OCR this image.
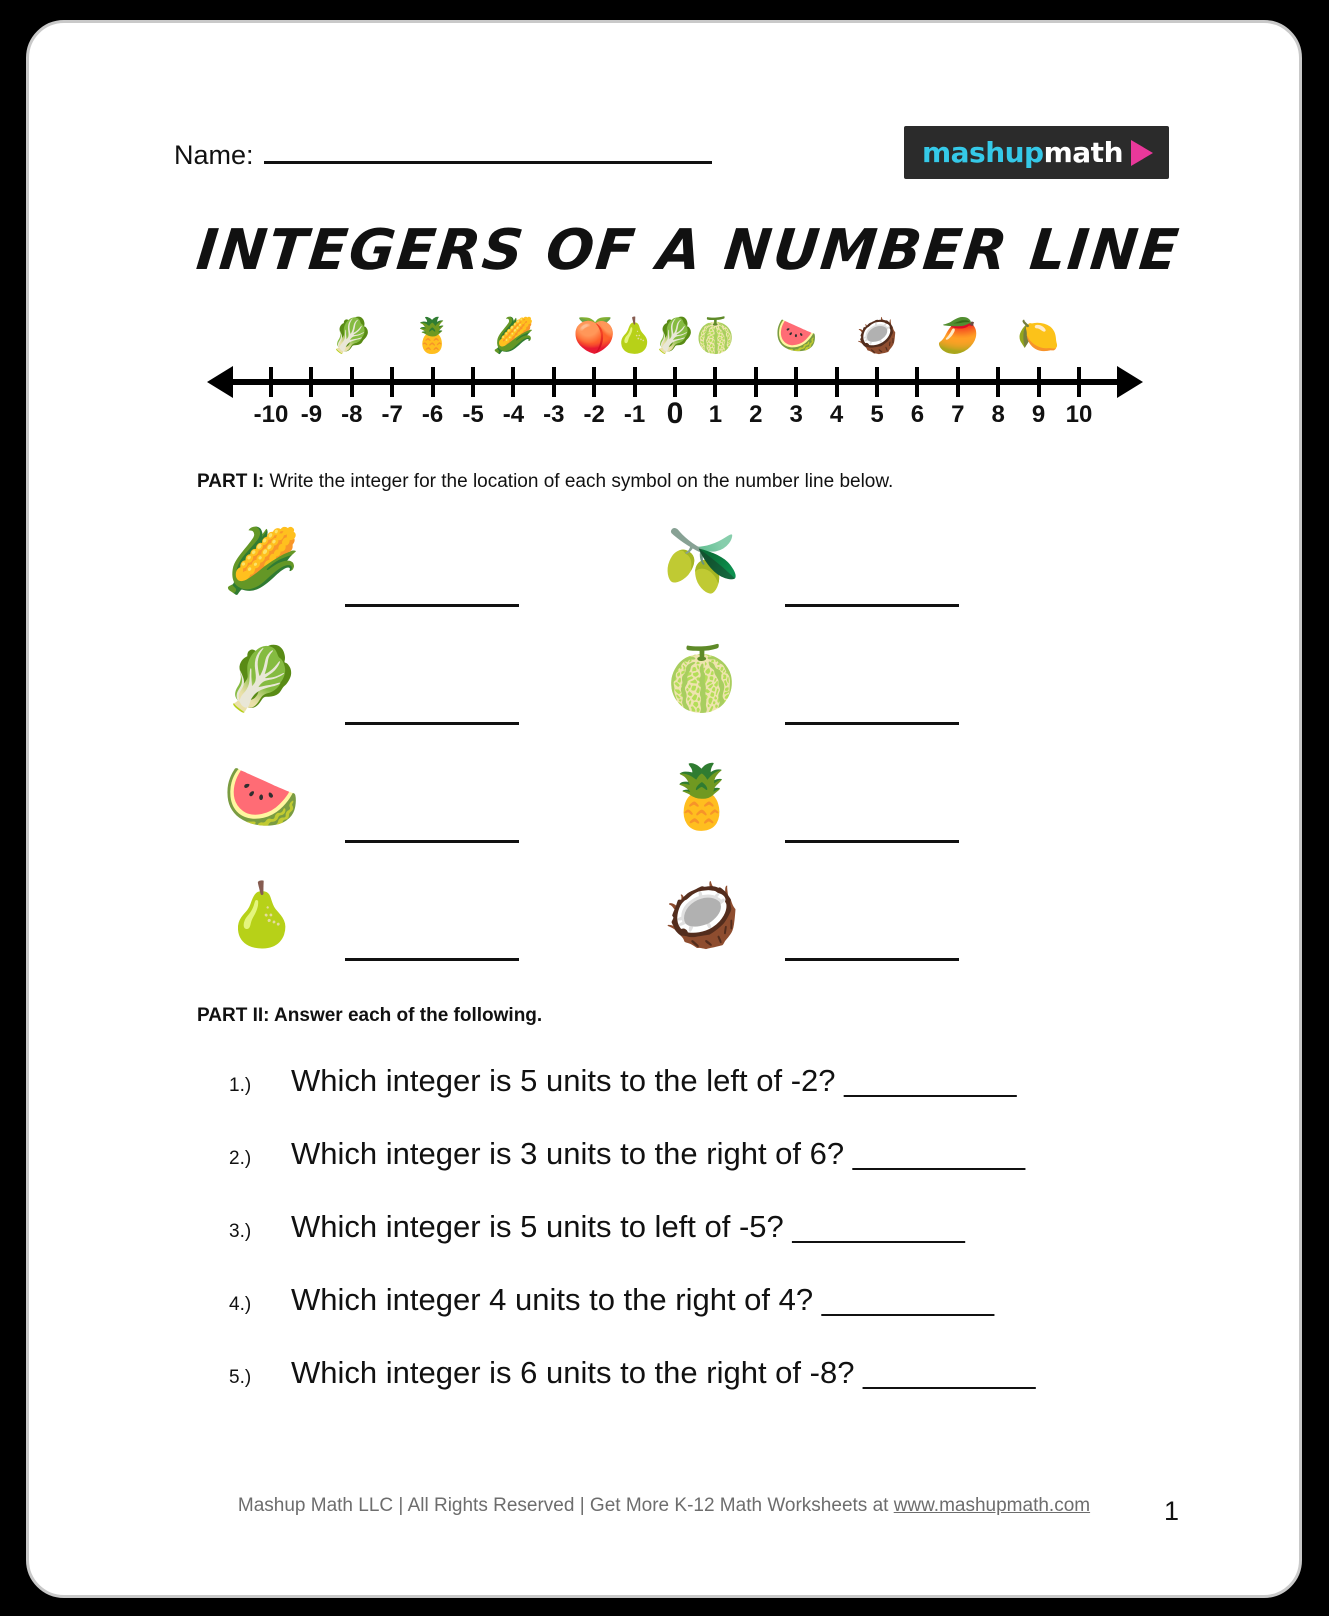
Name:	mashupmath
INTEGERS OF A NUMBER LINE
-10 -9 -8 -7 -6 -5 -4 -3 -2 -1 0 1 2 3 4 5 6 7 8 9 10
🥬 🍍 🌽 🍑
🍐
🥬
🍈 🍉 🥥 🥭 🍋
PART I: Write the integer for the location of each symbol on the number line below.
🌽
🥬
🍉
🍐
🫒
🍈
🍍
🥥
PART II: Answer each of the following.
1.)	Which integer is 5 units to the left of -2? __________
2.)	Which integer is 3 units to the right of 6? __________
3.)	Which integer is 5 units to left of -5? __________
4.)	Which integer 4 units to the right of 4? __________
5.)	Which integer is 6 units to the right of -8? __________
Mashup Math LLC | All Rights Reserved | Get More K-12 Math Worksheets at www.mashupmath.com	1
